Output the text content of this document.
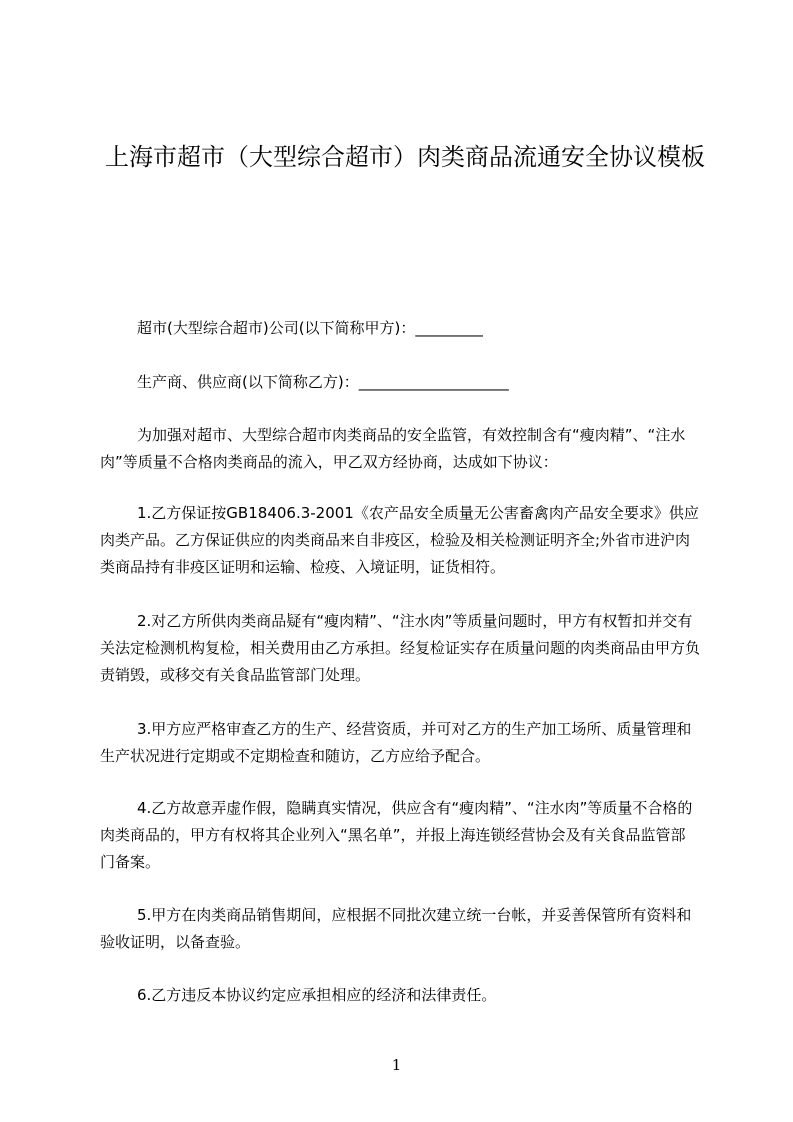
上海市超市（大型综合超市）肉类商品流通安全协议模板
超市(大型综合超市)公司(以下简称甲方)：_________
生产商、供应商(以下简称乙方)：____________________
为加强对超市、大型综合超市肉类商品的安全监管，有效控制含有“瘦肉精”、“注水肉”等质量不合格肉类商品的流入，甲乙双方经协商，达成如下协议：
1.乙方保证按GB18406.3-2001《农产品安全质量无公害畜禽肉产品安全要求》供应肉类产品。乙方保证供应的肉类商品来自非疫区，检验及相关检测证明齐全;外省市进沪肉类商品持有非疫区证明和运输、检疫、入境证明，证货相符。
2.对乙方所供肉类商品疑有“瘦肉精”、“注水肉”等质量问题时，甲方有权暂扣并交有关法定检测机构复检，相关费用由乙方承担。经复检证实存在质量问题的肉类商品由甲方负责销毁，或移交有关食品监管部门处理。
3.甲方应严格审查乙方的生产、经营资质，并可对乙方的生产加工场所、质量管理和生产状况进行定期或不定期检查和随访，乙方应给予配合。
4.乙方故意弄虚作假，隐瞒真实情况，供应含有“瘦肉精”、“注水肉”等质量不合格的肉类商品的，甲方有权将其企业列入“黑名单”，并报上海连锁经营协会及有关食品监管部门备案。
5.甲方在肉类商品销售期间，应根据不同批次建立统一台帐，并妥善保管所有资料和验收证明，以备查验。
6.乙方违反本协议约定应承担相应的经济和法律责任。
1
